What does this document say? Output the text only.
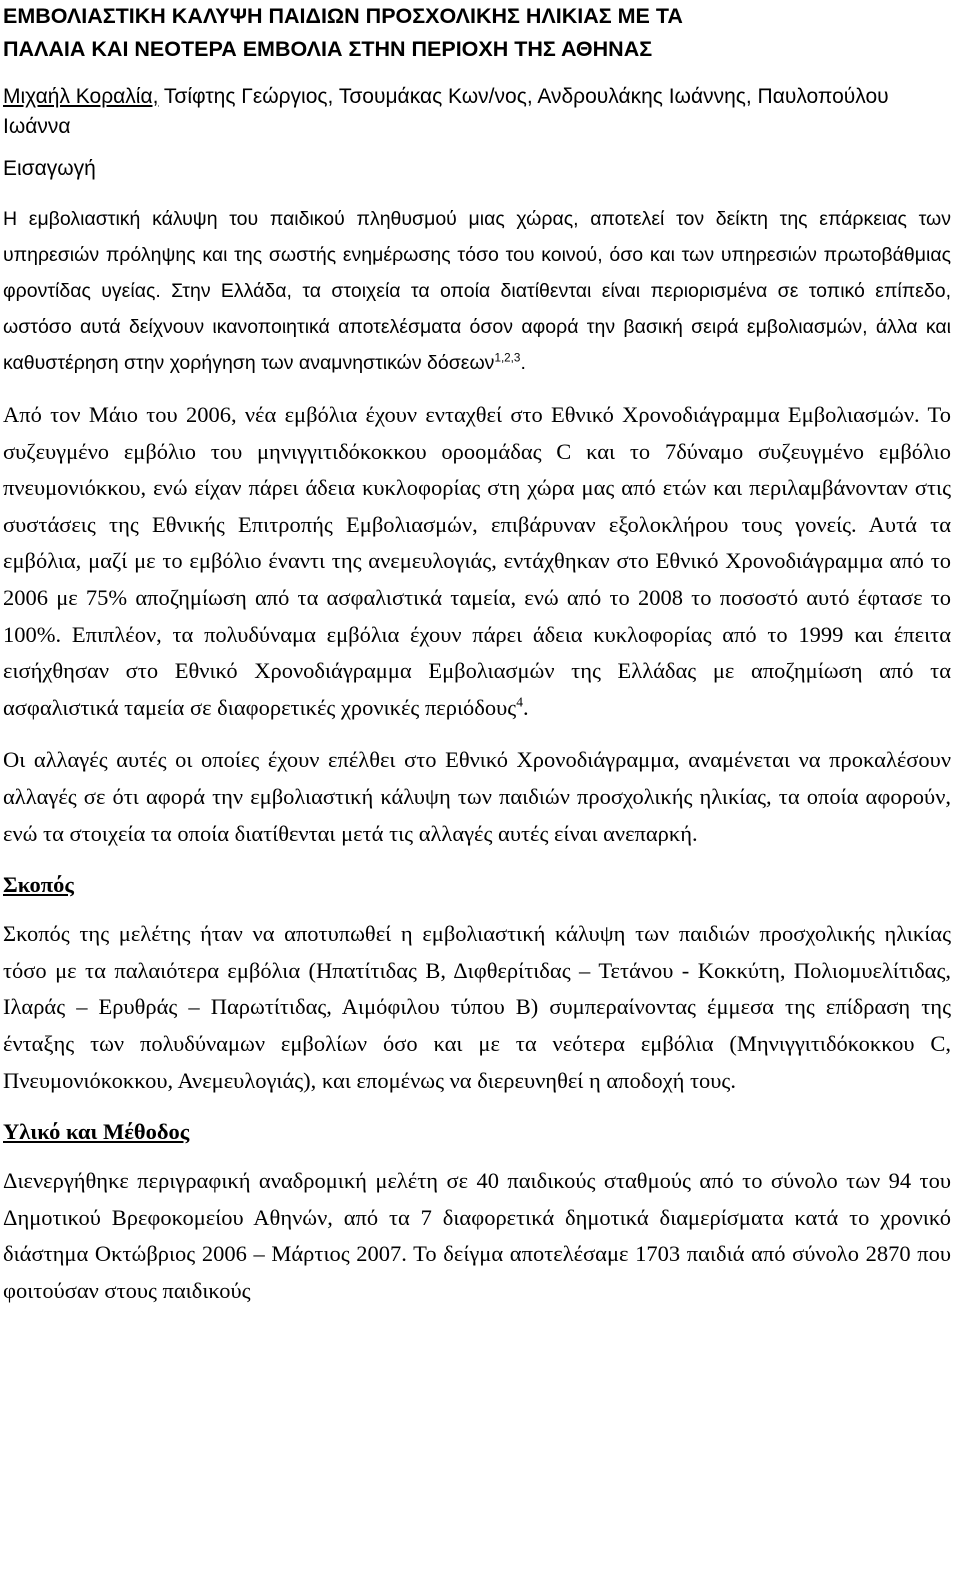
ΕΜΒΟΛΙΑΣΤΙΚΗ ΚΑΛΥΨΗ ΠΑΙΔΙΩΝ ΠΡΟΣΧΟΛΙΚΗΣ ΗΛΙΚΙΑΣ ΜΕ ΤΑ
ΠΑΛΑΙΑ ΚΑΙ ΝΕΟΤΕΡΑ ΕΜΒΟΛΙΑ ΣΤΗΝ ΠΕΡΙΟΧΗ ΤΗΣ ΑΘΗΝΑΣ

Μιχαήλ Κοραλία, Τσίφτης Γεώργιος, Τσουμάκας Κων/νος, Ανδρουλάκης Ιωάννης, Παυλοπούλου Ιωάννα

Εισαγωγή

Η εμβολιαστική κάλυψη του παιδικού πληθυσμού μιας χώρας, αποτελεί τον δείκτη της επάρκειας των υπηρεσιών πρόληψης και της σωστής ενημέρωσης τόσο του κοινού, όσο και των υπηρεσιών πρωτοβάθμιας φροντίδας υγείας. Στην Ελλάδα, τα στοιχεία τα οποία διατίθενται είναι περιορισμένα σε τοπικό επίπεδο, ωστόσο αυτά δείχνουν ικανοποιητικά αποτελέσματα όσον αφορά την βασική σειρά εμβολιασμών, άλλα και καθυστέρηση στην χορήγηση των αναμνηστικών δόσεων$^{1,2,3}$.

Από τον Μάιο του 2006, νέα εμβόλια έχουν ενταχθεί στο Εθνικό Χρονοδιάγραμμα Εμβολιασμών. Το συζευγμένο εμβόλιο του μηνιγγιτιδόκοκκου οροομάδας C και το 7δύναμο συζευγμένο εμβόλιο πνευμονιόκκου, ενώ είχαν πάρει άδεια κυκλοφορίας στη χώρα μας από ετών και περιλαμβάνονταν στις συστάσεις της Εθνικής Επιτροπής Εμβολιασμών, επιβάρυναν εξολοκλήρου τους γονείς. Αυτά τα εμβόλια, μαζί με το εμβόλιο έναντι της ανεμευλογιάς, εντάχθηκαν στο Εθνικό Χρονοδιάγραμμα από το 2006 με 75% αποζημίωση από τα ασφαλιστικά ταμεία, ενώ από το 2008 το ποσοστό αυτό έφτασε το 100%. Επιπλέον, τα πολυδύναμα εμβόλια έχουν πάρει άδεια κυκλοφορίας από το 1999 και έπειτα εισήχθησαν στο Εθνικό Χρονοδιάγραμμα Εμβολιασμών της Ελλάδας με αποζημίωση από τα ασφαλιστικά ταμεία σε διαφορετικές χρονικές περιόδους$^4$.

Οι αλλαγές αυτές οι οποίες έχουν επέλθει στο Εθνικό Χρονοδιάγραμμα, αναμένεται να προκαλέσουν αλλαγές σε ότι αφορά την εμβολιαστική κάλυψη των παιδιών προσχολικής ηλικίας, τα οποία αφορούν, ενώ τα στοιχεία τα οποία διατίθενται μετά τις αλλαγές αυτές είναι ανεπαρκή.

Σκοπός

Σκοπός της μελέτης ήταν να αποτυπωθεί η εμβολιαστική κάλυψη των παιδιών προσχολικής ηλικίας τόσο με τα παλαιότερα εμβόλια (Ηπατίτιδας Β, Διφθερίτιδας – Τετάνου - Κοκκύτη, Πολιομυελίτιδας, Ιλαράς – Ερυθράς – Παρωτίτιδας, Αιμόφιλου τύπου Β) συμπεραίνοντας έμμεσα της επίδραση της ένταξης των πολυδύναμων εμβολίων όσο και με τα νεότερα εμβόλια (Μηνιγγιτιδόκοκκου C, Πνευμονιόκοκκου, Ανεμευλογιάς), και επομένως να διερευνηθεί η αποδοχή τους.

Υλικό και Μέθοδος

Διενεργήθηκε περιγραφική αναδρομική μελέτη σε 40 παιδικούς σταθμούς από το σύνολο των 94 του Δημοτικού Βρεφοκομείου Αθηνών, από τα 7 διαφορετικά δημοτικά διαμερίσματα κατά το χρονικό διάστημα Οκτώβριος 2006 – Μάρτιος 2007. Το δείγμα αποτελέσαμε 1703 παιδιά από σύνολο 2870 που φοιτούσαν στους παιδικούς
